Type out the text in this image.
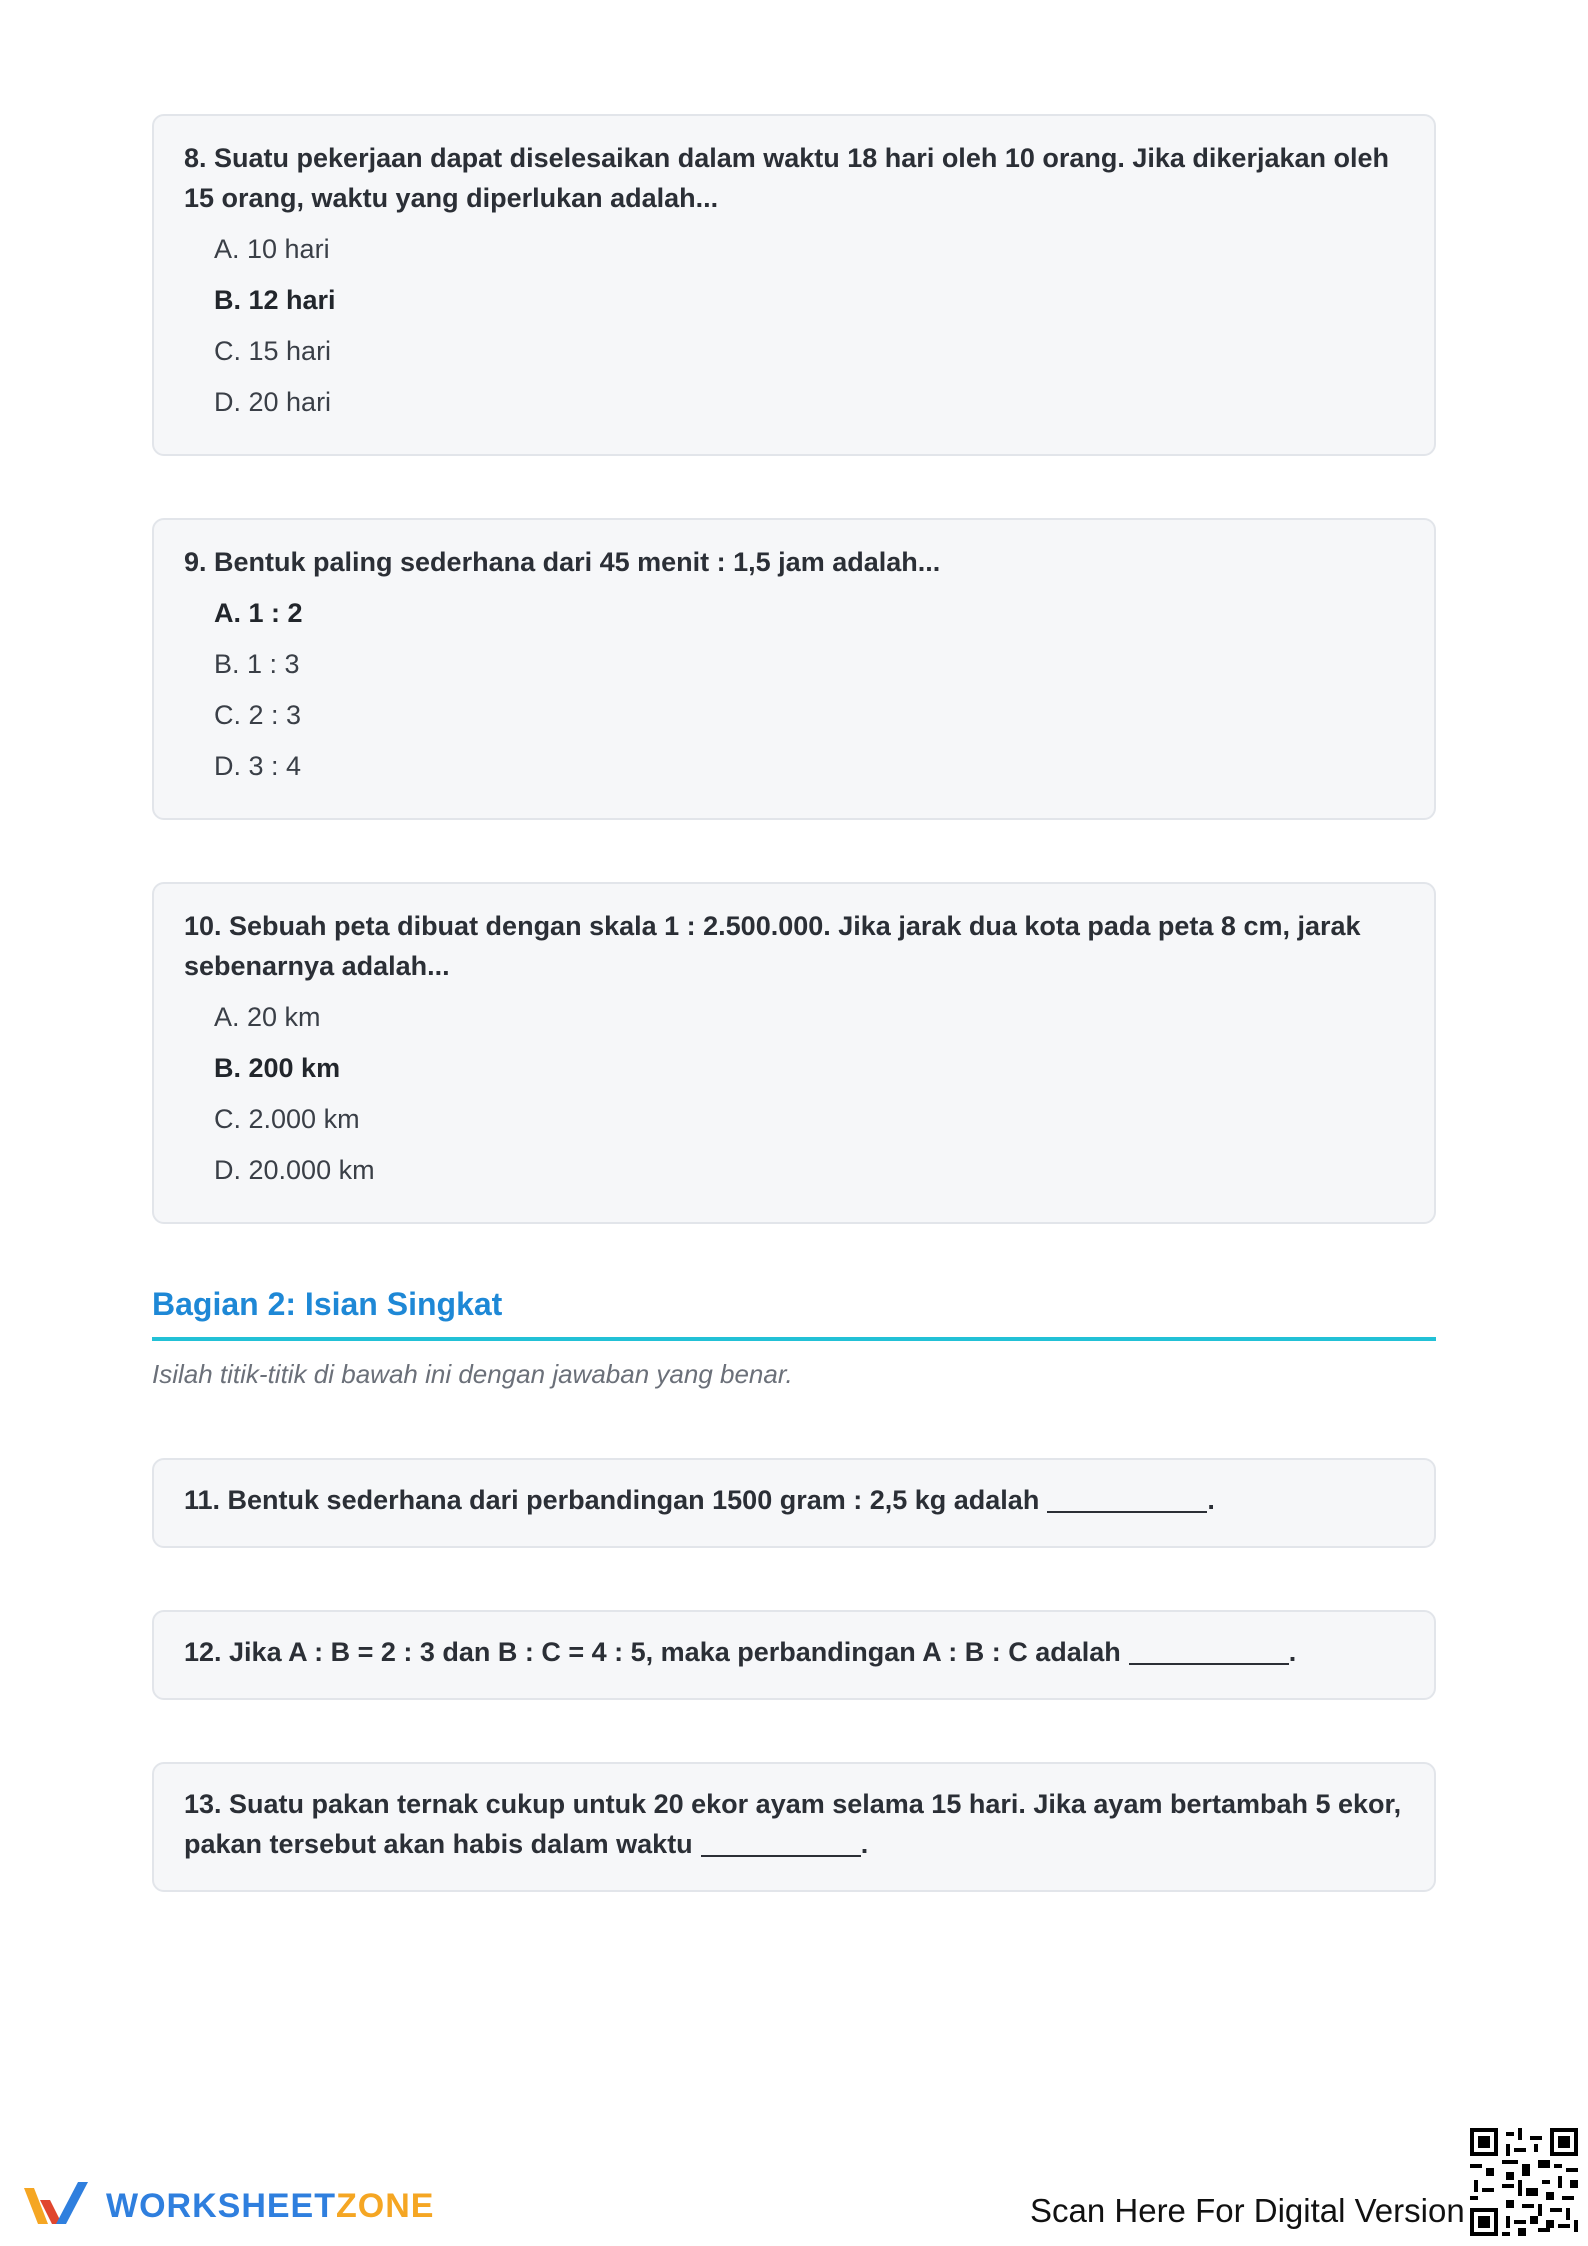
8. Suatu pekerjaan dapat diselesaikan dalam waktu 18 hari oleh 10 orang. Jika dikerjakan oleh 15 orang, waktu yang diperlukan adalah...
A. 10 hari
B. 12 hari
C. 15 hari
D. 20 hari
9. Bentuk paling sederhana dari 45 menit : 1,5 jam adalah...
A. 1 : 2
B. 1 : 3
C. 2 : 3
D. 3 : 4
10. Sebuah peta dibuat dengan skala 1 : 2.500.000. Jika jarak dua kota pada peta 8 cm, jarak sebenarnya adalah...
A. 20 km
B. 200 km
C. 2.000 km
D. 20.000 km
Bagian 2: Isian Singkat
Isilah titik-titik di bawah ini dengan jawaban yang benar.
11. Bentuk sederhana dari perbandingan 1500 gram : 2,5 kg adalah	.
12. Jika A : B = 2 : 3 dan B : C = 4 : 5, maka perbandingan A : B : C adalah	.
13. Suatu pakan ternak cukup untuk 20 ekor ayam selama 15 hari. Jika ayam bertambah 5 ekor, pakan tersebut akan habis dalam waktu	.
WORKSHEETZONE	Scan Here For Digital Version
